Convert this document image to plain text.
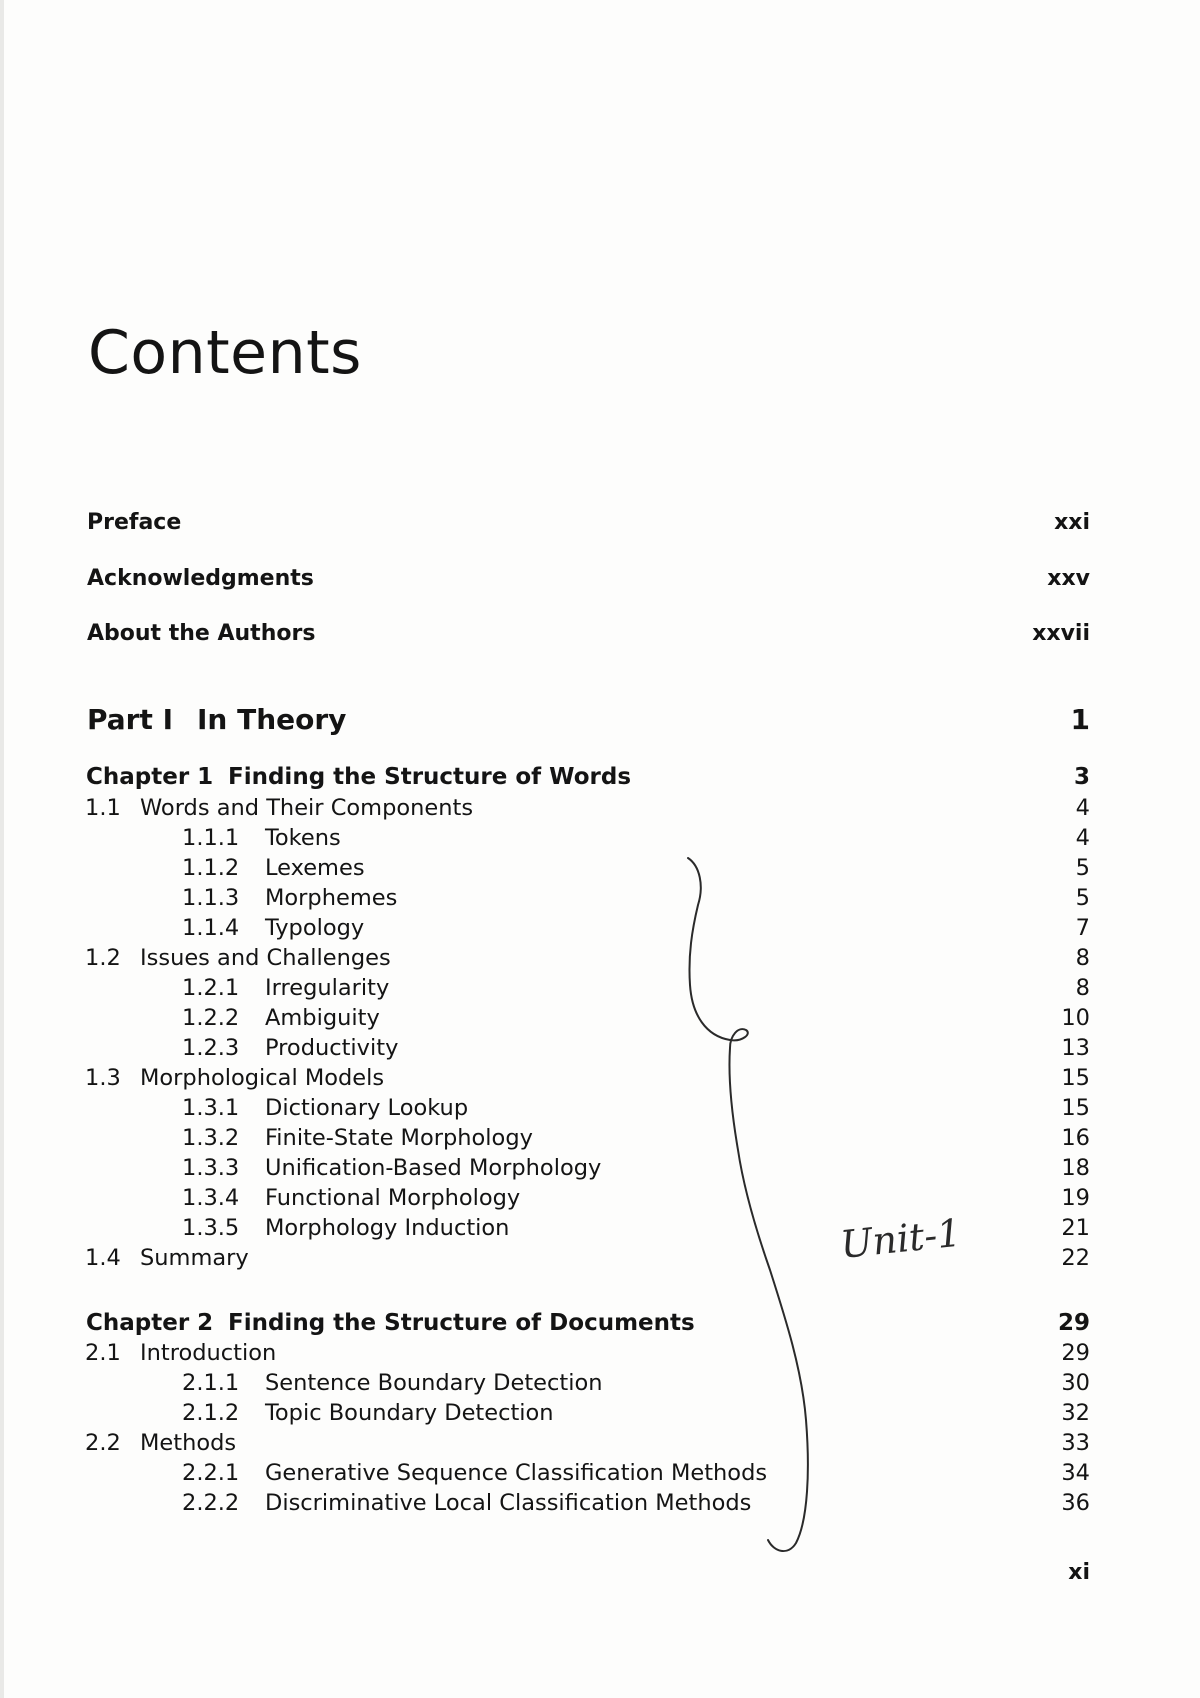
Contents
Preface	xxi
Acknowledgments	xxv
About the Authors	xxvii
Part I In Theory	1
Chapter 1 Finding the Structure of Words	3
1.1 Words and Their Components	4
1.1.1 Tokens	4
1.1.2 Lexemes	5
1.1.3 Morphemes	5
1.1.4 Typology	7
1.2 Issues and Challenges	8
1.2.1 Irregularity	8
1.2.2 Ambiguity	10
1.2.3 Productivity	13
1.3 Morphological Models	15
1.3.1 Dictionary Lookup	15
1.3.2 Finite-State Morphology	16
1.3.3 Unification-Based Morphology	18
1.3.4 Functional Morphology	19
1.3.5 Morphology Induction	21
1.4 Summary	22
Chapter 2 Finding the Structure of Documents	29
2.1 Introduction	29
2.1.1 Sentence Boundary Detection	30
2.1.2 Topic Boundary Detection	32
2.2 Methods	33
2.2.1 Generative Sequence Classification Methods	34
2.2.2 Discriminative Local Classification Methods	36

xi

Unit-1
